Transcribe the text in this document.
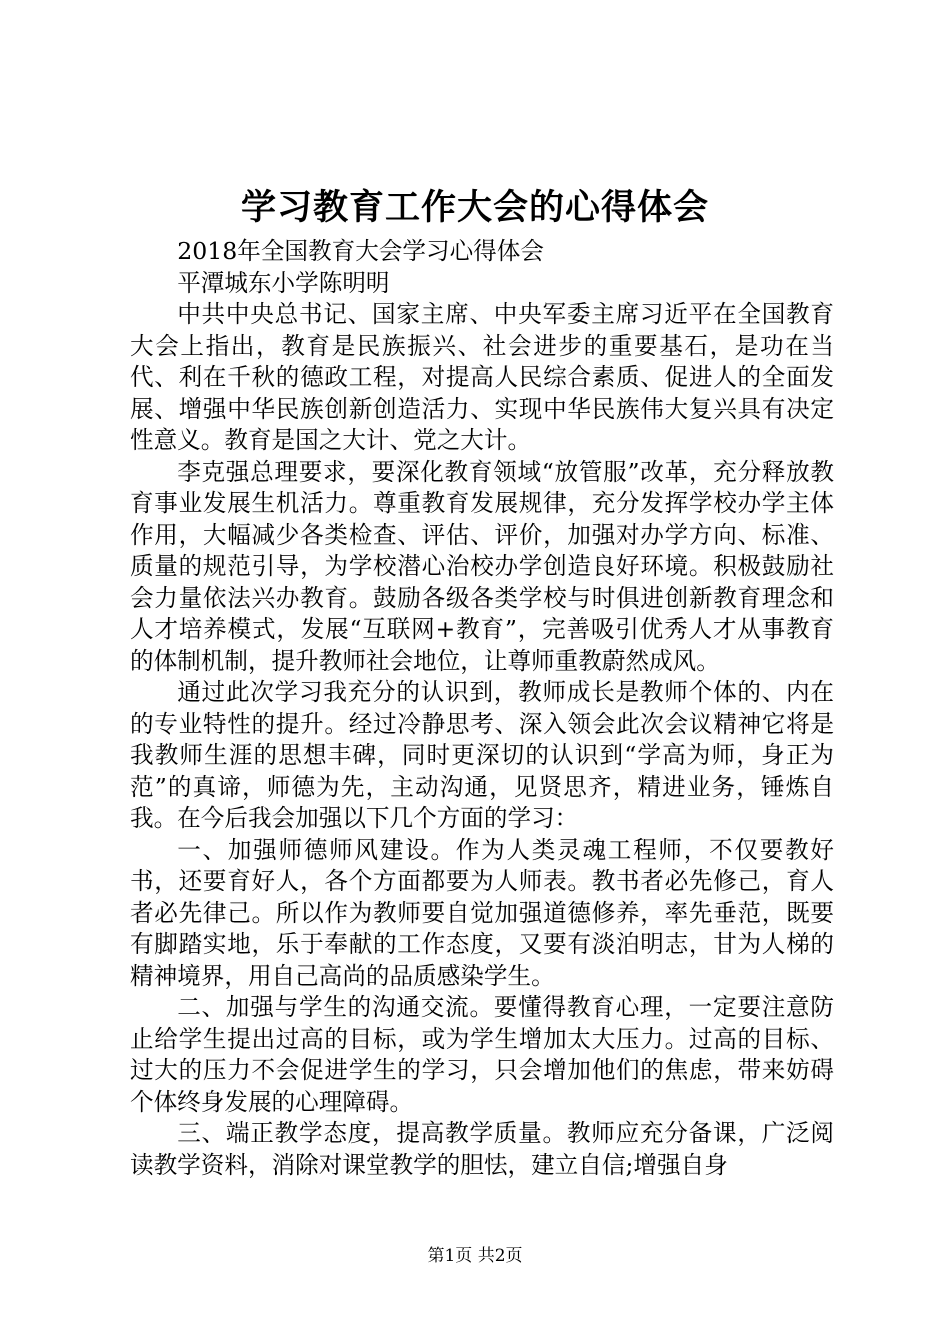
学习教育工作大会的心得体会

2018年全国教育大会学习心得体会

平潭城东小学陈明明

中共中央总书记、国家主席、中央军委主席习近平在全国教育大会上指出，教育是民族振兴、社会进步的重要基石，是功在当代、利在千秋的德政工程，对提高人民综合素质、促进人的全面发展、增强中华民族创新创造活力、实现中华民族伟大复兴具有决定性意义。教育是国之大计、党之大计。

李克强总理要求，要深化教育领域“放管服”改革，充分释放教育事业发展生机活力。尊重教育发展规律，充分发挥学校办学主体作用，大幅减少各类检查、评估、评价，加强对办学方向、标准、质量的规范引导，为学校潜心治校办学创造良好环境。积极鼓励社会力量依法兴办教育。鼓励各级各类学校与时俱进创新教育理念和人才培养模式，发展“互联网+教育”，完善吸引优秀人才从事教育的体制机制，提升教师社会地位，让尊师重教蔚然成风。

通过此次学习我充分的认识到，教师成长是教师个体的、内在的专业特性的提升。经过冷静思考、深入领会此次会议精神它将是我教师生涯的思想丰碑，同时更深切的认识到“学高为师，身正为范”的真谛，师德为先，主动沟通，见贤思齐，精进业务，锤炼自我。在今后我会加强以下几个方面的学习：

一、加强师德师风建设。作为人类灵魂工程师，不仅要教好书，还要育好人，各个方面都要为人师表。教书者必先修己，育人者必先律己。所以作为教师要自觉加强道德修养，率先垂范，既要有脚踏实地，乐于奉献的工作态度，又要有淡泊明志，甘为人梯的精神境界，用自己高尚的品质感染学生。

二、加强与学生的沟通交流。要懂得教育心理，一定要注意防止给学生提出过高的目标，或为学生增加太大压力。过高的目标、过大的压力不会促进学生的学习，只会增加他们的焦虑，带来妨碍个体终身发展的心理障碍。

三、端正教学态度，提高教学质量。教师应充分备课，广泛阅读教学资料，消除对课堂教学的胆怯，建立自信;增强自身

第1页 共2页
